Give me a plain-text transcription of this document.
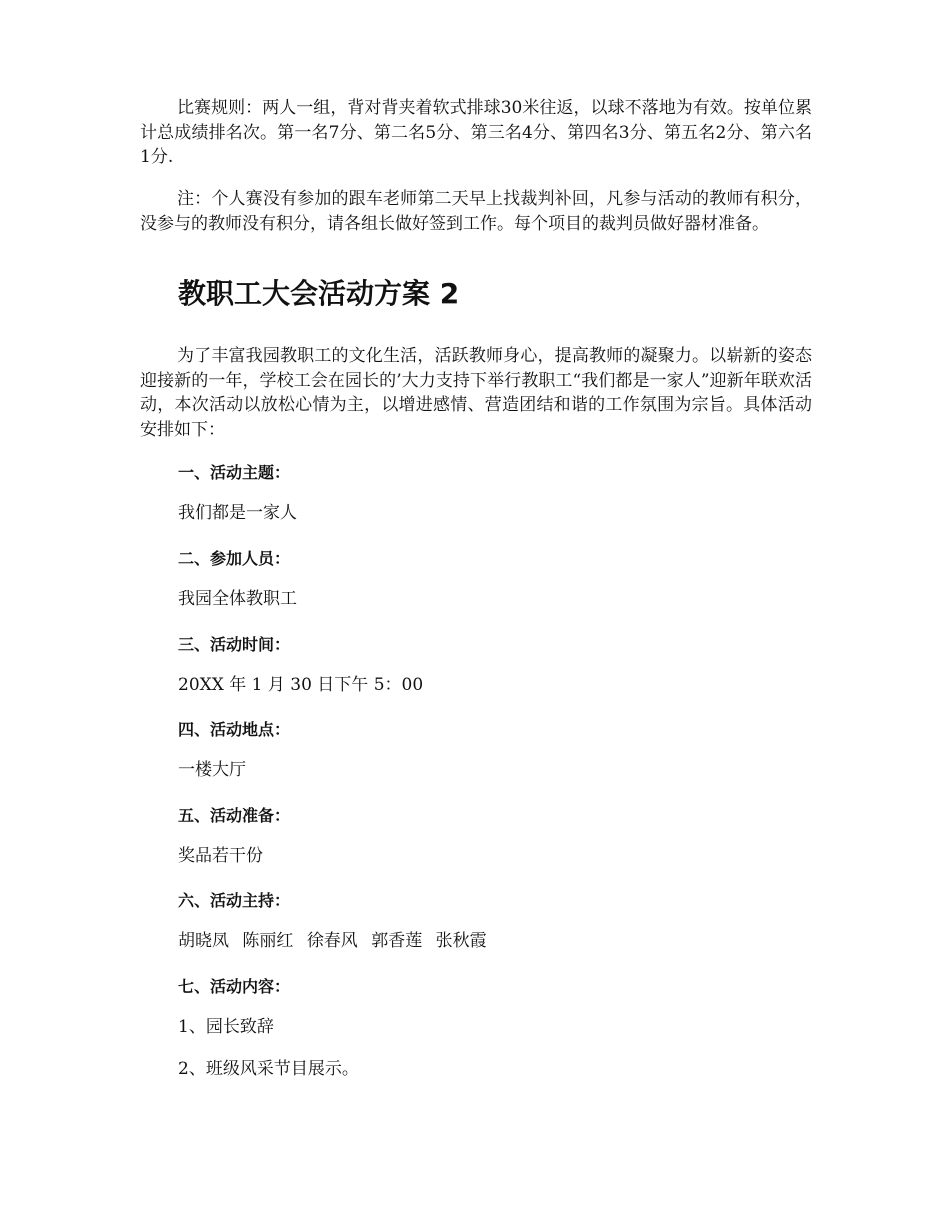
比赛规则：两人一组，背对背夹着软式排球30米往返，以球不落地为有效。按单位累计总成绩排名次。第一名7分、第二名5分、第三名4分、第四名3分、第五名2分、第六名1分.

注：个人赛没有参加的跟车老师第二天早上找裁判补回，凡参与活动的教师有积分，没参与的教师没有积分，请各组长做好签到工作。每个项目的裁判员做好器材准备。

教职工大会活动方案 2

为了丰富我园教职工的文化生活，活跃教师身心，提高教师的凝聚力。以崭新的姿态迎接新的一年，学校工会在园长的’大力支持下举行教职工“我们都是一家人”迎新年联欢活动，本次活动以放松心情为主，以增进感情、营造团结和谐的工作氛围为宗旨。具体活动安排如下：

一、活动主题：

我们都是一家人

二、参加人员：

我园全体教职工

三、活动时间：

20XX 年 1 月 30 日下午 5：00

四、活动地点：

一楼大厅

五、活动准备：

奖品若干份

六、活动主持：

胡晓凤 陈丽红 徐春风 郭香莲 张秋霞

七、活动内容：

1、园长致辞

2、班级风采节目展示。
